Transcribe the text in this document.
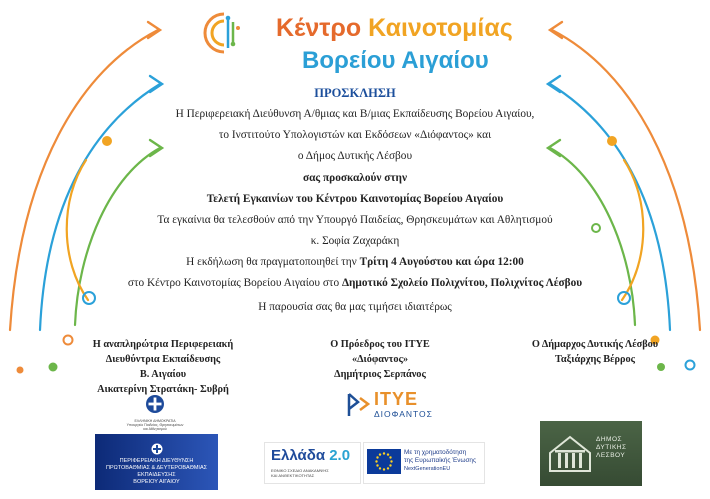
Κέντρο Καινοτομίας
Βορείου Αιγαίου
ΠΡΟΣΚΛΗΣΗ
Η Περιφερειακή Διεύθυνση Α/θμιας και Β/μιας Εκπαίδευσης Βορείου Αιγαίου,
το Ινστιτούτο Υπολογιστών και Εκδόσεων «Διόφαντος» και
ο Δήμος Δυτικής Λέσβου
σας προσκαλούν στην
Τελετή Εγκαινίων του Κέντρου Καινοτομίας Βορείου Αιγαίου
Τα εγκαίνια θα τελεσθούν από την Υπουργό Παιδείας, Θρησκευμάτων και Αθλητισμού
κ. Σοφία Ζαχαράκη
Η εκδήλωση θα πραγματοποιηθεί την Τρίτη 4 Αυγούστου και ώρα 12:00
στο Κέντρο Καινοτομίας Βορείου Αιγαίου στο Δημοτικό Σχολείο Πολιχνίτου, Πολιχνίτος Λέσβου
Η παρουσία σας θα μας τιμήσει ιδιαιτέρως
Η αναπληρώτρια Περιφερειακή
Διευθύντρια Εκπαίδευσης
Β. Αιγαίου
Αικατερίνη Στρατάκη- Συβρή
Ο Πρόεδρος του ΙΤΥΕ
«Διόφαντος»
Δημήτριος Σερπάνος
Ο Δήμαρχος Δυτικής Λέσβου
Ταξιάρχης Βέρρος
ΕΛΛΗΝΙΚΗ ΔΗΜΟΚΡΑΤΙΑ
Υπουργείο Παιδείας, Θρησκευμάτων
και Αθλητισμού
ΠΕΡΙΦΕΡΕΙΑΚΗ ΔΙΕΥΘΥΝΣΗ
ΠΡΩΤΟΒΑΘΜΙΑΣ & ΔΕΥΤΕΡΟΒΑΘΜΙΑΣ ΕΚΠΑΙΔΕΥΣΗΣ
ΒΟΡΕΙΟΥ ΑΙΓΑΙΟΥ
ΙΤΥΕ
ΔΙΟΦΑΝΤΟΣ
Ελλάδα 2.0
ΕΘΝΙΚΟ ΣΧΕΔΙΟ ΑΝΑΚΑΜΨΗΣ
ΚΑΙ ΑΝΘΕΚΤΙΚΟΤΗΤΑΣ
Με τη χρηματοδότηση
της Ευρωπαϊκής Ένωσης
NextGenerationEU
ΔΗΜΟΣ
ΔΥΤΙΚΗΣ
ΛΕΣΒΟΥ
